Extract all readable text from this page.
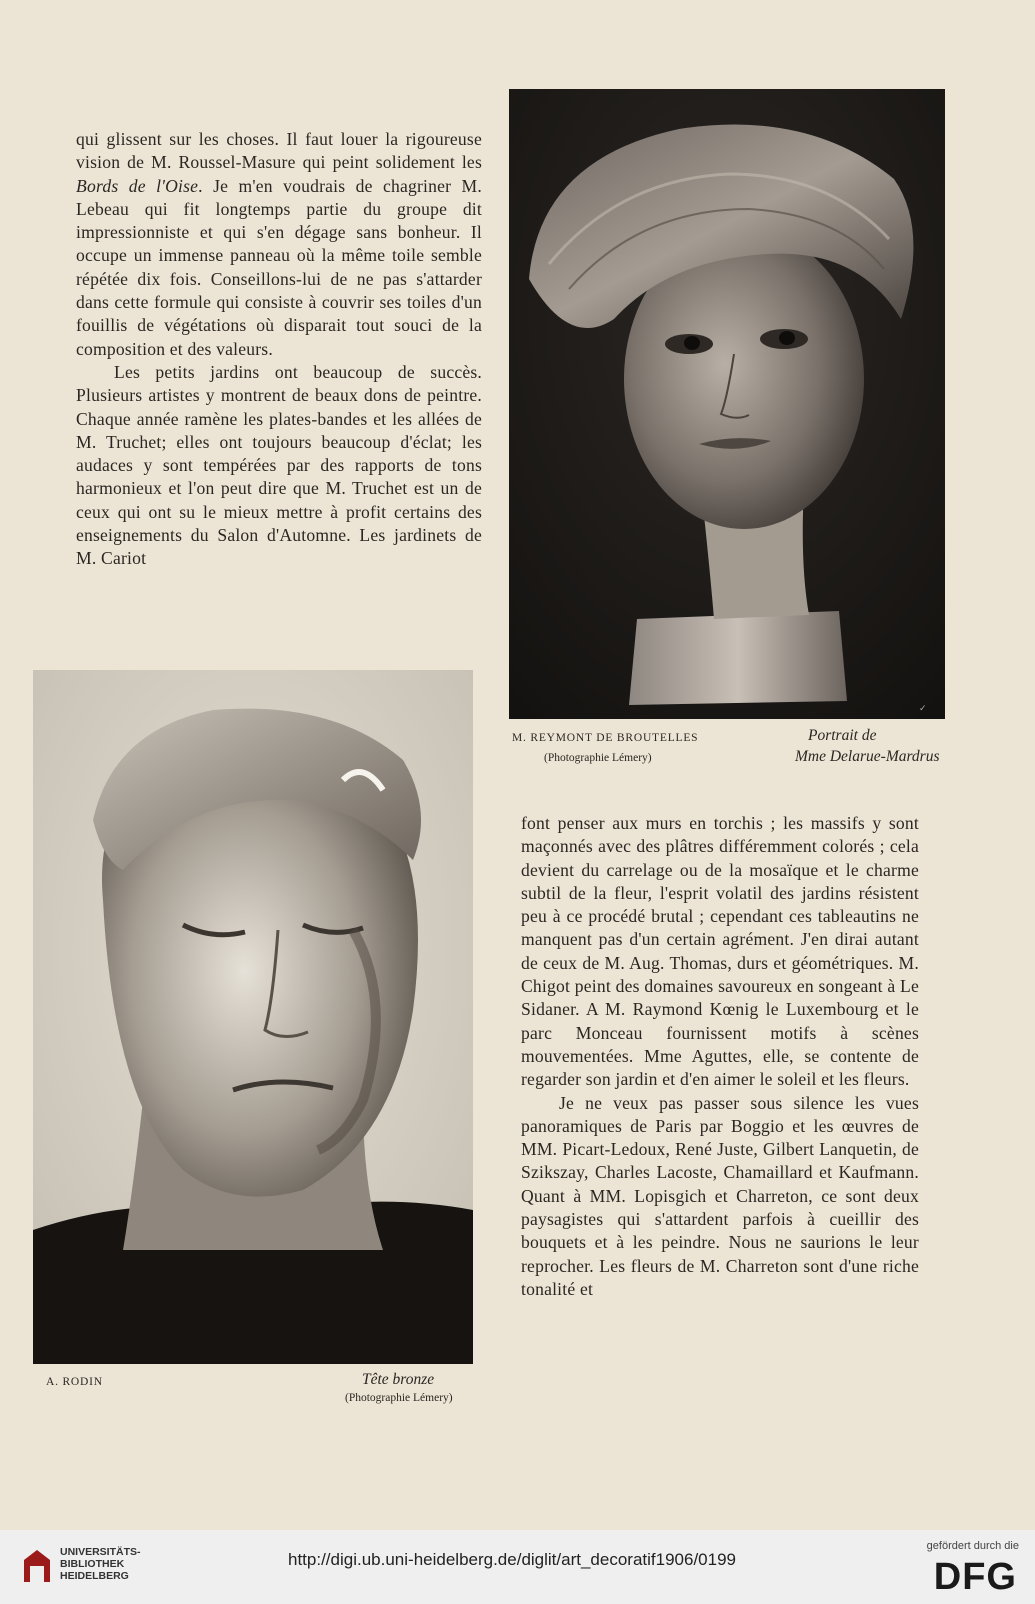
qui glissent sur les choses. Il faut louer la rigoureuse vision de M. Roussel-Masure qui peint solidement les Bords de l'Oise. Je m'en voudrais de chagriner M. Lebeau qui fit longtemps partie du groupe dit impressionniste et qui s'en dégage sans bonheur. Il occupe un immense panneau où la même toile semble répétée dix fois. Conseillons-lui de ne pas s'attarder dans cette formule qui consiste à couvrir ses toiles d'un fouillis de végétations où disparait tout souci de la composition et des valeurs.

Les petits jardins ont beaucoup de succès. Plusieurs artistes y montrent de beaux dons de peintre. Chaque année ramène les plates-bandes et les allées de M. Truchet; elles ont toujours beaucoup d'éclat; les audaces y sont tempérées par des rapports de tons harmonieux et l'on peut dire que M. Truchet est un de ceux qui ont su le mieux mettre à profit certains des enseignements du Salon d'Automne. Les jardinets de M. Cariot

✓
M. REYMONT DE BROUTELLES
(Photographie Lémery)
Portrait de
Mme Delarue-Mardrus
A. RODIN	Tête bronze
(Photographie Lémery)

font penser aux murs en torchis ; les massifs y sont maçonnés avec des plâtres différemment colorés ; cela devient du carrelage ou de la mosaïque et le charme subtil de la fleur, l'esprit volatil des jardins résistent peu à ce procédé brutal ; cependant ces tableautins ne manquent pas d'un certain agrément. J'en dirai autant de ceux de M. Aug. Thomas, durs et géométriques. M. Chigot peint des domaines savoureux en songeant à Le Sidaner. A M. Raymond Kœnig le Luxembourg et le parc Monceau fournissent motifs à scènes mouvementées. Mme Aguttes, elle, se contente de regarder son jardin et d'en aimer le soleil et les fleurs.

Je ne veux pas passer sous silence les vues panoramiques de Paris par Boggio et les œuvres de MM. Picart-Ledoux, René Juste, Gilbert Lanquetin, de Szikszay, Charles Lacoste, Chamaillard et Kaufmann. Quant à MM. Lopisgich et Charreton, ce sont deux paysagistes qui s'attardent parfois à cueillir des bouquets et à les peindre. Nous ne saurions le leur reprocher. Les fleurs de M. Charreton sont d'une riche tonalité et

UNIVERSITÄTS-
BIBLIOTHEK
HEIDELBERG
http://digi.ub.uni-heidelberg.de/diglit/art_decoratif1906/0199
gefördert durch die
DFG
